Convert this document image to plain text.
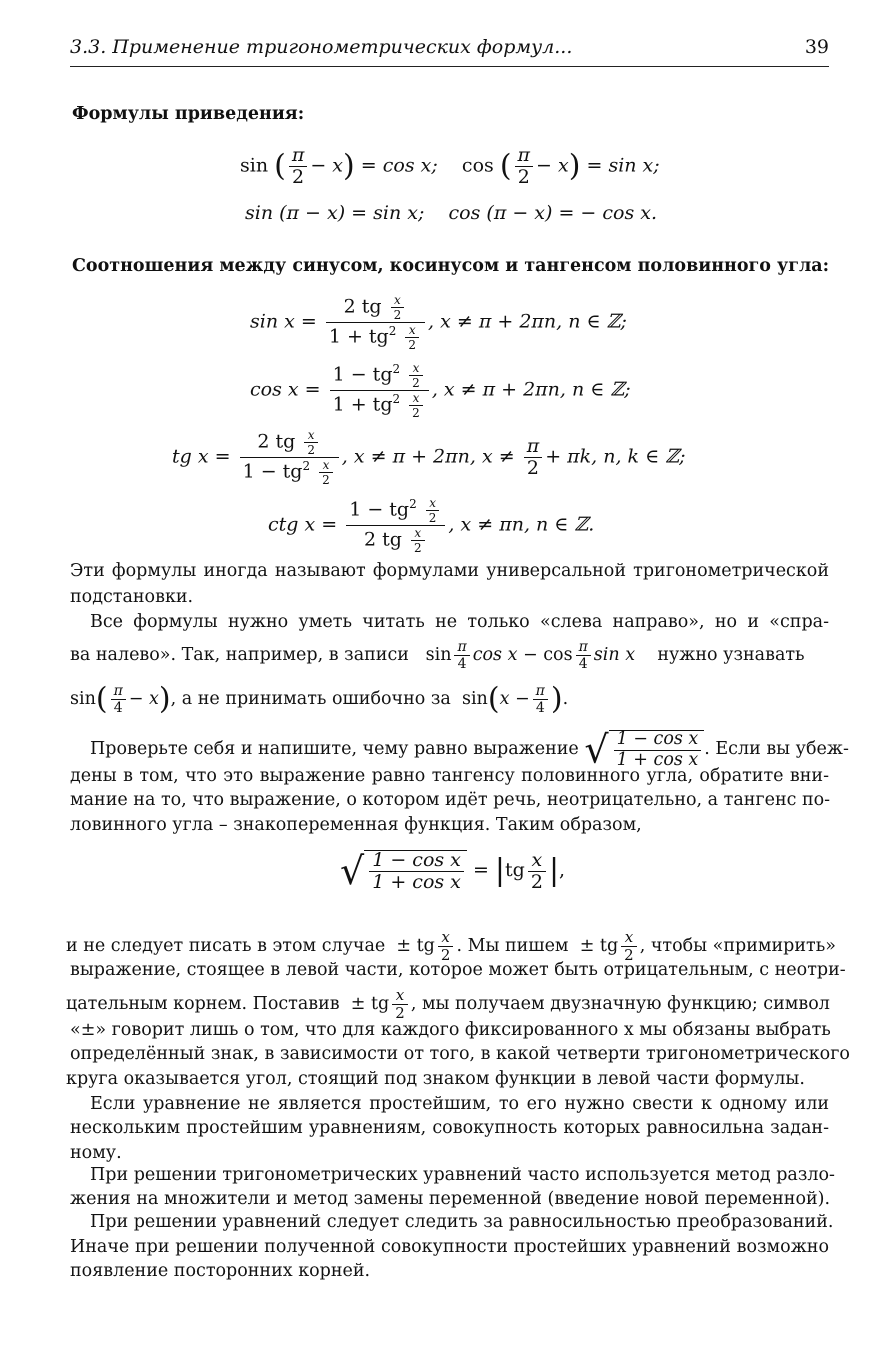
3.3. Применение тригонометрических формул...	39
Формулы приведения:
sin ( $\frac{\pi}{2} - x) = \cos x$; cos ( $\frac{\pi}{2} - x) = \sin x$;
sin (π − x) = sin x; cos (π − x) = − cos x.
Соотношения между синусом, косинусом и тангенсом половинного угла:
$\sin x = \frac{2 tg \frac{x}{2}}{1 + tg^2 \frac{x}{2}}$ , x ≠ π + 2πn, n ∈ ℤ;
$\cos x = \frac{1 - tg^2 \frac{x}{2}}{1 + tg^2 \frac{x}{2}}$ , x ≠ π + 2πn, n ∈ ℤ;
tg $x = \frac{2 tg \frac{x}{2}}{1 - tg^2 \frac{x}{2}}$ , x ≠ π + 2πn, $x \ne \frac{\pi}{2} + \pi k$, n, k ∈ ℤ;
ctg $x = \frac{1 - tg^2 \frac{x}{2}}{2 tg \frac{x}{2}}$ , x ≠ πn, n ∈ ℤ.
Эти формулы иногда называют формулами универсальной тригонометрической
подстановки.
Все формулы нужно уметь читать не только «слева направо», но и «спра-
ва налево». Так, например, в записи $\sin \frac{\pi}{4}$ $\cos x - \cos \frac{\pi}{4}$ sin x нужно узнавать
$\sin( \frac{\pi}{4} - x)$, а не принимать ошибочно за $\sin(x - \frac{\pi}{4}$ ).
Проверьте себя и напишите, чему равно выражение √ $\frac{\text{1 − cos x}}{\text{1 + cos x}}$ . Если вы убеж-
дены в том, что это выражение равно тангенсу половинного угла, обратите вни-
мание на то, что выражение, о котором идёт речь, неотрицательно, а тангенс по-
ловинного угла – знакопеременная функция. Таким образом,
√ $\frac{\text{1 − cos x}}{\text{1 + cos x}} = |tg \frac{x}{2}$ |,
и не следует писать в этом случае ± tg $\frac{x}{2}$ . Мы пишем ± tg $\frac{x}{2}$ , чтобы «примирить»
выражение, стоящее в левой части, которое может быть отрицательным, с неотри-
цательным корнем. Поставив ± tg $\frac{x}{2}$ , мы получаем двузначную функцию; символ
«±» говорит лишь о том, что для каждого фиксированного x мы обязаны выбрать
определённый знак, в зависимости от того, в какой четверти тригонометрического
круга оказывается угол, стоящий под знаком функции в левой части формулы.
Если уравнение не является простейшим, то его нужно свести к одному или
нескольким простейшим уравнениям, совокупность которых равносильна задан-
ному.
При решении тригонометрических уравнений часто используется метод разло-
жения на множители и метод замены переменной (введение новой переменной).
При решении уравнений следует следить за равносильностью преобразований.
Иначе при решении полученной совокупности простейших уравнений возможно
появление посторонних корней.
